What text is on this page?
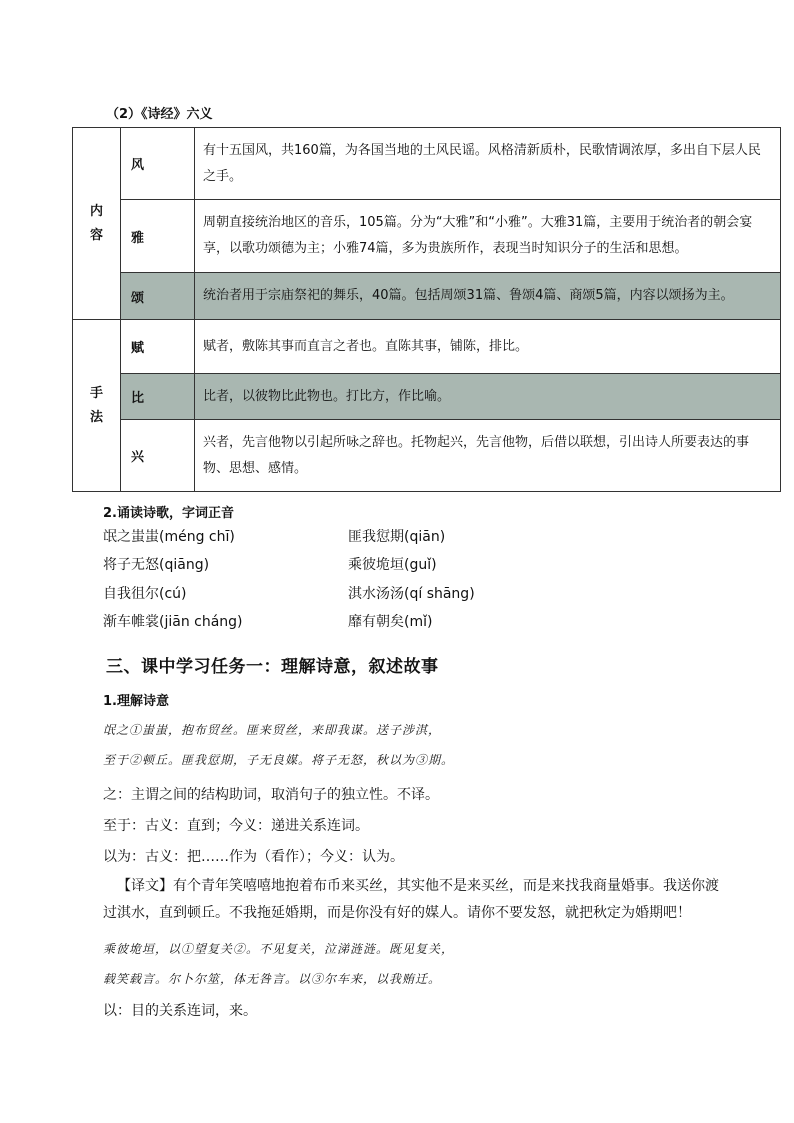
（2）《诗经》六义
内容	风	有十五国风，共160篇，为各国当地的土风民谣。风格清新质朴，民歌情调浓厚，多出自下层人民之手。
	雅	周朝直接统治地区的音乐，105篇。分为“大雅”和“小雅”。大雅31篇，主要用于统治者的朝会宴享，以歌功颂德为主；小雅74篇，多为贵族所作，表现当时知识分子的生活和思想。
	颂	统治者用于宗庙祭祀的舞乐，40篇。包括周颂31篇、鲁颂4篇、商颂5篇，内容以颂扬为主。
手法	赋	赋者，敷陈其事而直言之者也。直陈其事，铺陈，排比。
	比	比者，以彼物比此物也。打比方，作比喻。
	兴	兴者，先言他物以引起所咏之辞也。托物起兴，先言他物，后借以联想，引出诗人所要表达的事物、思想、感情。
2.诵读诗歌，字词正音
氓之蚩蚩(méng chī)	匪我愆期(qiān)
将子无怒(qiāng)	乘彼垝垣(guǐ)
自我徂尔(cú)	淇水汤汤(qí shāng)
渐车帷裳(jiān cháng)	靡有朝矣(mǐ)
三、课中学习任务一：理解诗意，叙述故事
1.理解诗意
氓之①蚩蚩，抱布贸丝。匪来贸丝，来即我谋。送子涉淇，
至于②顿丘。匪我愆期，子无良媒。将子无怒，秋以为③期。
之：主谓之间的结构助词，取消句子的独立性。不译。
至于：古义：直到；今义：递进关系连词。
以为：古义：把……作为（看作）；今义：认为。
【译文】有个青年笑嘻嘻地抱着布币来买丝，其实他不是来买丝，而是来找我商量婚事。我送你渡过淇水，直到顿丘。不我拖延婚期，而是你没有好的媒人。请你不要发怒，就把秋定为婚期吧！
乘彼垝垣，以①望复关②。不见复关，泣涕涟涟。既见复关，
载笑载言。尔卜尔筮，体无咎言。以③尔车来，以我贿迁。
以：目的关系连词，来。
